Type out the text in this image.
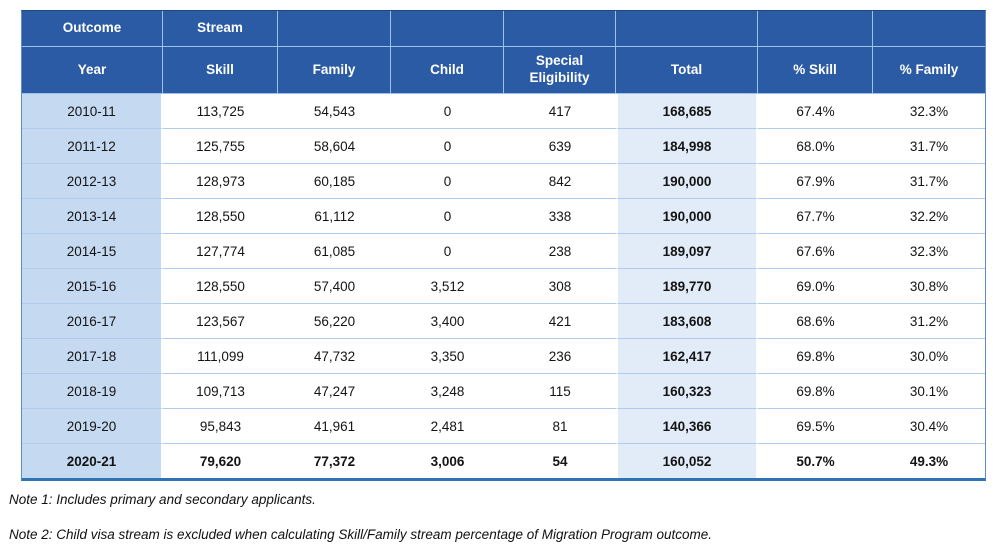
Outcome	Stream						
Year	Skill	Family	Child	Special Eligibility	Total	% Skill	% Family
2010-11	113,725	54,543	0	417	168,685	67.4%	32.3%
2011-12	125,755	58,604	0	639	184,998	68.0%	31.7%
2012-13	128,973	60,185	0	842	190,000	67.9%	31.7%
2013-14	128,550	61,112	0	338	190,000	67.7%	32.2%
2014-15	127,774	61,085	0	238	189,097	67.6%	32.3%
2015-16	128,550	57,400	3,512	308	189,770	69.0%	30.8%
2016-17	123,567	56,220	3,400	421	183,608	68.6%	31.2%
2017-18	111,099	47,732	3,350	236	162,417	69.8%	30.0%
2018-19	109,713	47,247	3,248	115	160,323	69.8%	30.1%
2019-20	95,843	41,961	2,481	81	140,366	69.5%	30.4%
2020-21	79,620	77,372	3,006	54	160,052	50.7%	49.3%

Note 1: Includes primary and secondary applicants.

Note 2: Child visa stream is excluded when calculating Skill/Family stream percentage of Migration Program outcome.
